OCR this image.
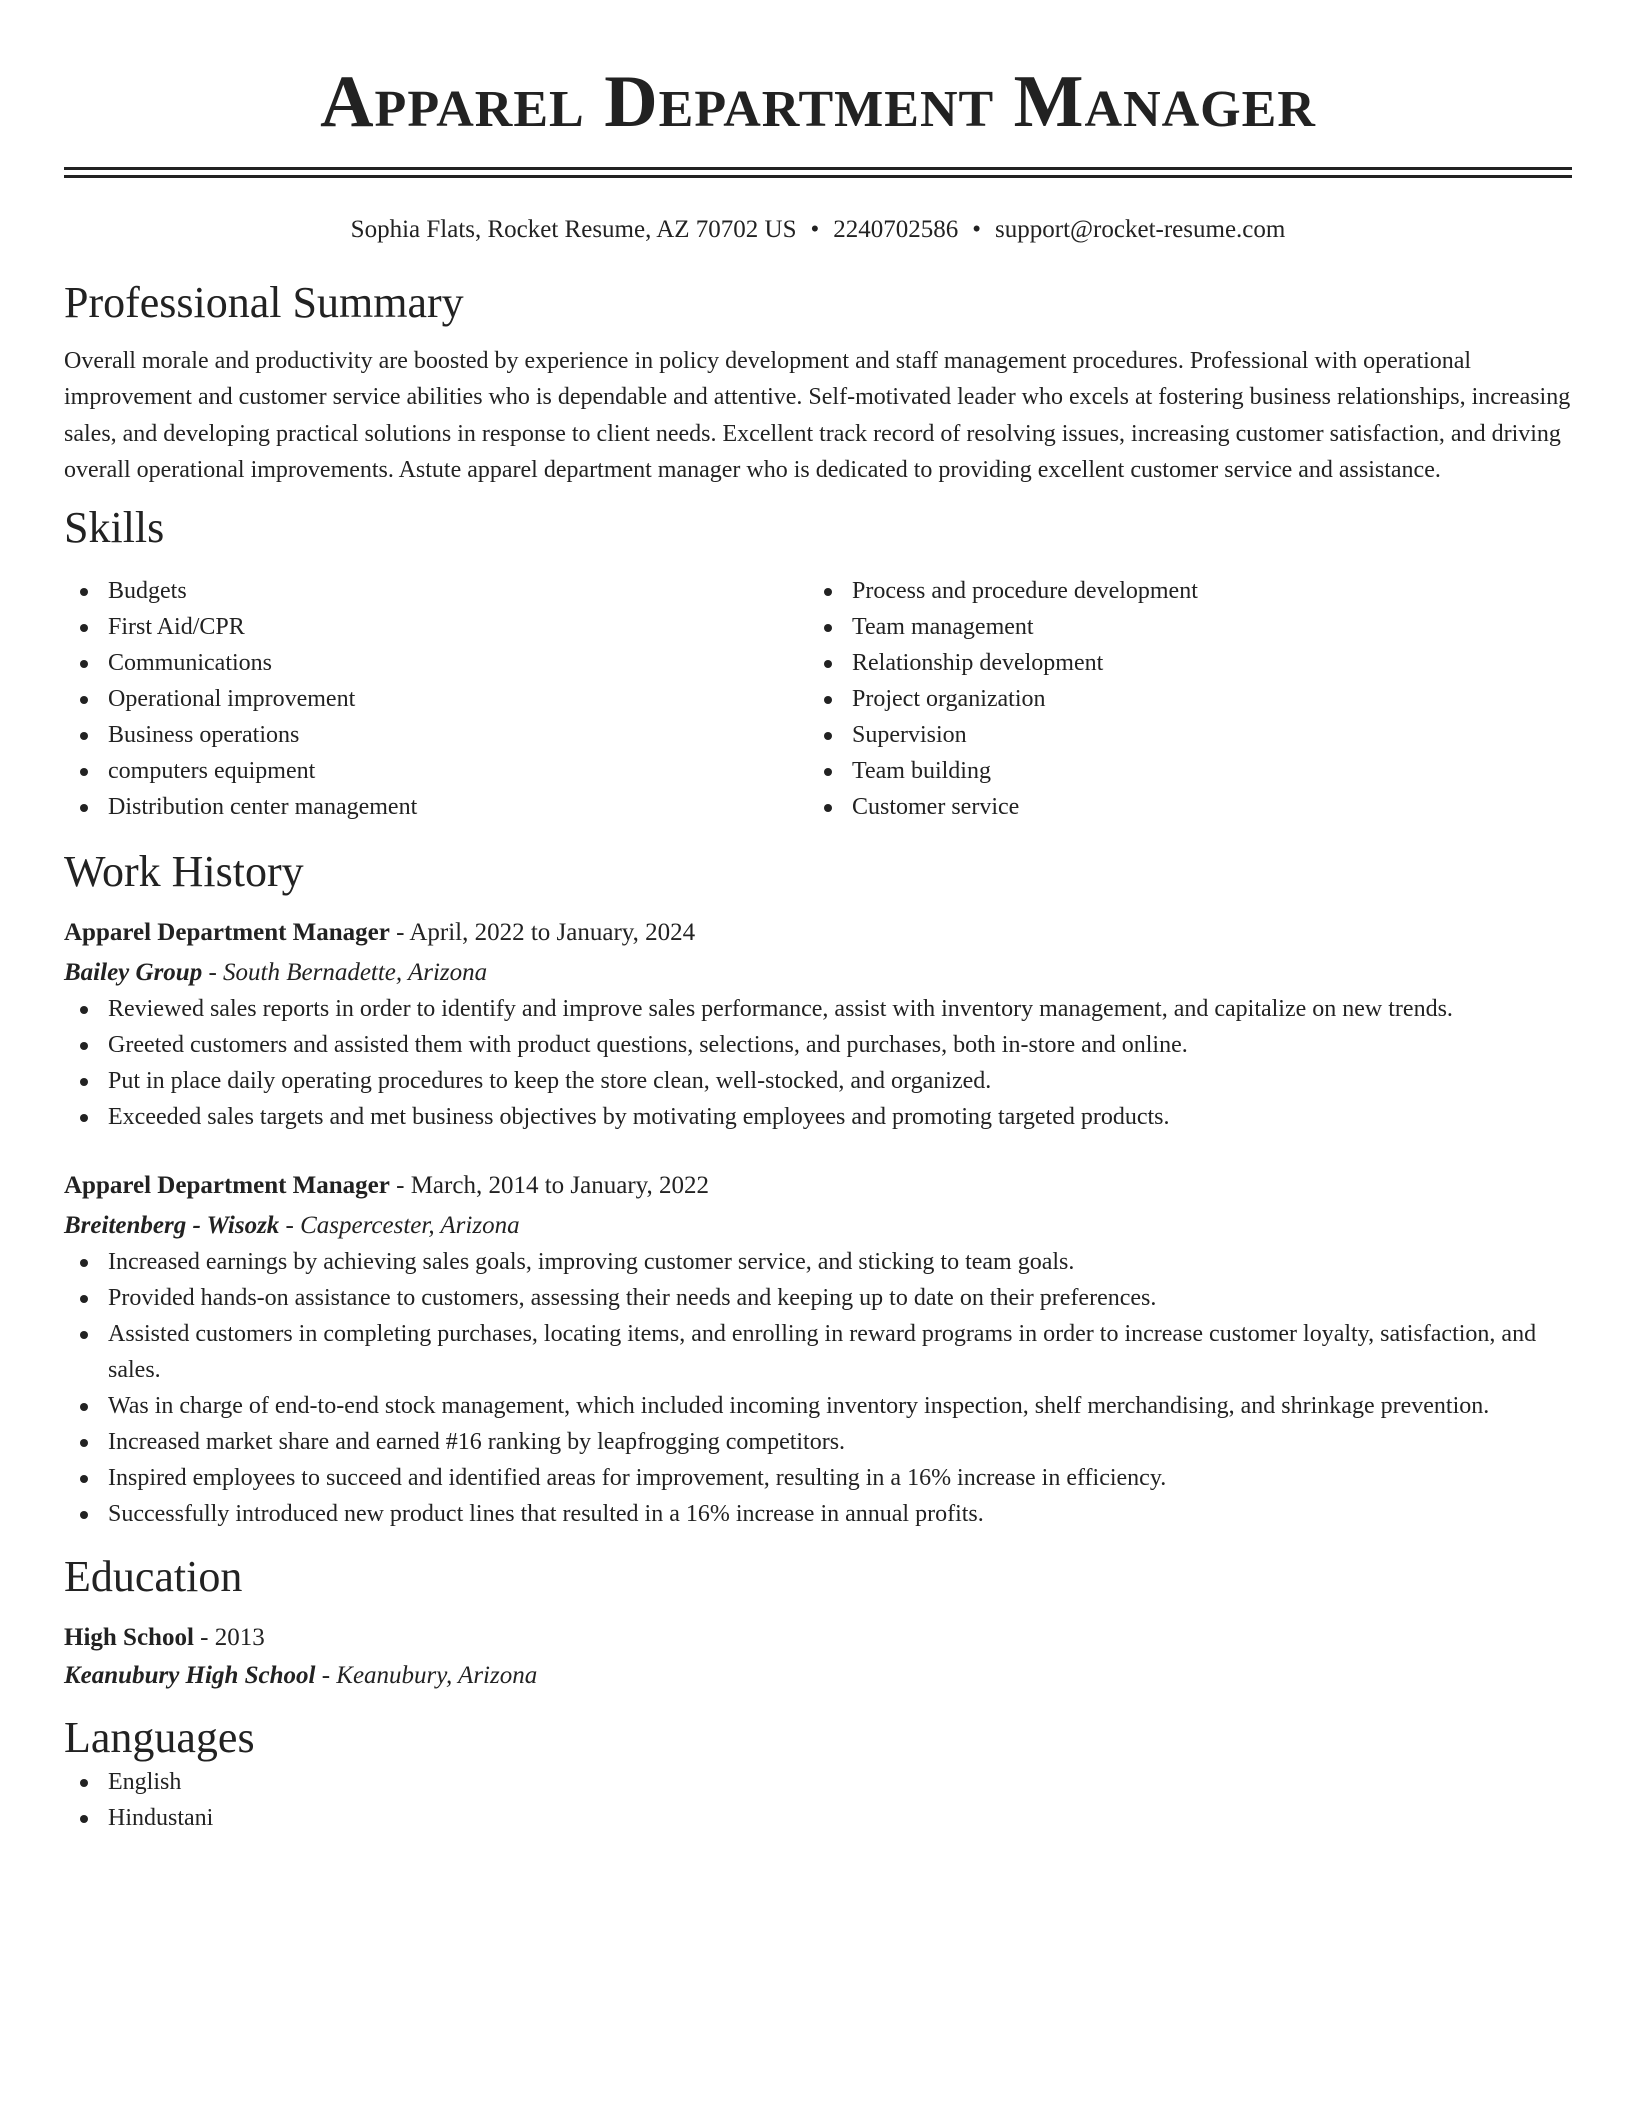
Apparel Department Manager
Sophia Flats, Rocket Resume, AZ 70702 US • 2240702586 • support@rocket-resume.com
Professional Summary
Overall morale and productivity are boosted by experience in policy development and staff management procedures. Professional with operational improvement and customer service abilities who is dependable and attentive. Self-motivated leader who excels at fostering business relationships, increasing sales, and developing practical solutions in response to client needs. Excellent track record of resolving issues, increasing customer satisfaction, and driving overall operational improvements. Astute apparel department manager who is dedicated to providing excellent customer service and assistance.
Skills
Budgets
First Aid/CPR
Communications
Operational improvement
Business operations
computers equipment
Distribution center management
Process and procedure development
Team management
Relationship development
Project organization
Supervision
Team building
Customer service
Work History
Apparel Department Manager - April, 2022 to January, 2024
Bailey Group - South Bernadette, Arizona
Reviewed sales reports in order to identify and improve sales performance, assist with inventory management, and capitalize on new trends.
Greeted customers and assisted them with product questions, selections, and purchases, both in-store and online.
Put in place daily operating procedures to keep the store clean, well-stocked, and organized.
Exceeded sales targets and met business objectives by motivating employees and promoting targeted products.
Apparel Department Manager - March, 2014 to January, 2022
Breitenberg - Wisozk - Caspercester, Arizona
Increased earnings by achieving sales goals, improving customer service, and sticking to team goals.
Provided hands-on assistance to customers, assessing their needs and keeping up to date on their preferences.
Assisted customers in completing purchases, locating items, and enrolling in reward programs in order to increase customer loyalty, satisfaction, and sales.
Was in charge of end-to-end stock management, which included incoming inventory inspection, shelf merchandising, and shrinkage prevention.
Increased market share and earned #16 ranking by leapfrogging competitors.
Inspired employees to succeed and identified areas for improvement, resulting in a 16% increase in efficiency.
Successfully introduced new product lines that resulted in a 16% increase in annual profits.
Education
High School - 2013
Keanubury High School - Keanubury, Arizona
Languages
English
Hindustani
